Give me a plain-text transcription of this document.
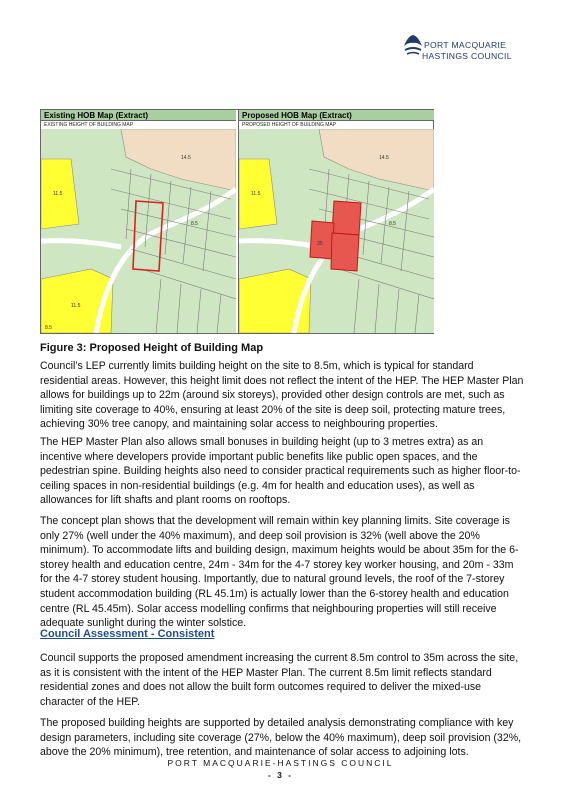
PORT MACQUARIE
HASTINGS COUNCIL
Existing HOB Map (Extract)
EXISTING HEIGHT OF BUILDING MAP
14.5
11.5
8.5
11.5
8.5
Proposed HOB Map (Extract)
PROPOSED HEIGHT OF BUILDING MAP
35
14.5
11.5
8.5
Figure 3: Proposed Height of Building Map

Council’s LEP currently limits building height on the site to 8.5m, which is typical for standard residential areas. However, this height limit does not reflect the intent of the HEP. The HEP Master Plan allows for buildings up to 22m (around six storeys), provided other design controls are met, such as limiting site coverage to 40%, ensuring at least 20% of the site is deep soil, protecting mature trees, achieving 30% tree canopy, and maintaining solar access to neighbouring properties.

The HEP Master Plan also allows small bonuses in building height (up to 3 metres extra) as an incentive where developers provide important public benefits like public open spaces, and the pedestrian spine. Building heights also need to consider practical requirements such as higher floor-to-ceiling spaces in non-residential buildings (e.g. 4m for health and education uses), as well as allowances for lift shafts and plant rooms on rooftops.

The concept plan shows that the development will remain within key planning limits. Site coverage is only 27% (well under the 40% maximum), and deep soil provision is 32% (well above the 20% minimum). To accommodate lifts and building design, maximum heights would be about 35m for the 6-storey health and education centre, 24m - 34m for the 4-7 storey key worker housing, and 20m - 33m for the 4-7 storey student housing. Importantly, due to natural ground levels, the roof of the 7-storey student accommodation building (RL 45.1m) is actually lower than the 6-storey health and education centre (RL 45.45m). Solar access modelling confirms that neighbouring properties will still receive adequate sunlight during the winter solstice.

Council Assessment - Consistent

Council supports the proposed amendment increasing the current 8.5m control to 35m across the site, as it is consistent with the intent of the HEP Master Plan. The current 8.5m limit reflects standard residential zones and does not allow the built form outcomes required to deliver the mixed-use character of the HEP.

The proposed building heights are supported by detailed analysis demonstrating compliance with key design parameters, including site coverage (27%, below the 40% maximum), deep soil provision (32%, above the 20% minimum), tree retention, and maintenance of solar access to adjoining lots.

PORT MACQUARIE-HASTINGS COUNCIL
- 3 -
